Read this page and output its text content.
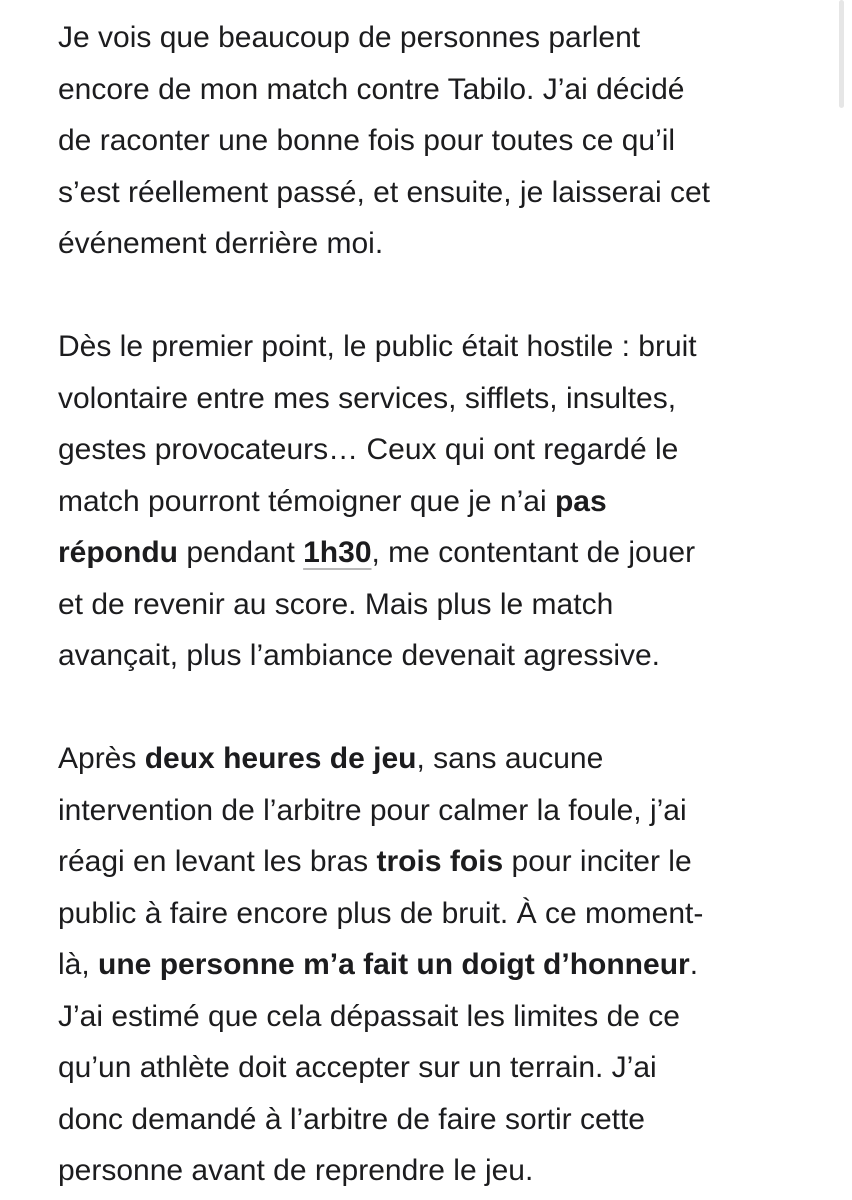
Je vois que beaucoup de personnes parlent
encore de mon match contre Tabilo. J’ai décidé
de raconter une bonne fois pour toutes ce qu’il
s’est réellement passé, et ensuite, je laisserai cet
événement derrière moi.

Dès le premier point, le public était hostile : bruit
volontaire entre mes services, sifflets, insultes,
gestes provocateurs… Ceux qui ont regardé le
match pourront témoigner que je n’ai pas
répondu pendant 1h30, me contentant de jouer
et de revenir au score. Mais plus le match
avançait, plus l’ambiance devenait agressive.

Après deux heures de jeu, sans aucune
intervention de l’arbitre pour calmer la foule, j’ai
réagi en levant les bras trois fois pour inciter le
public à faire encore plus de bruit. À ce moment-
là, une personne m’a fait un doigt d’honneur.
J’ai estimé que cela dépassait les limites de ce
qu’un athlète doit accepter sur un terrain. J’ai
donc demandé à l’arbitre de faire sortir cette
personne avant de reprendre le jeu.
